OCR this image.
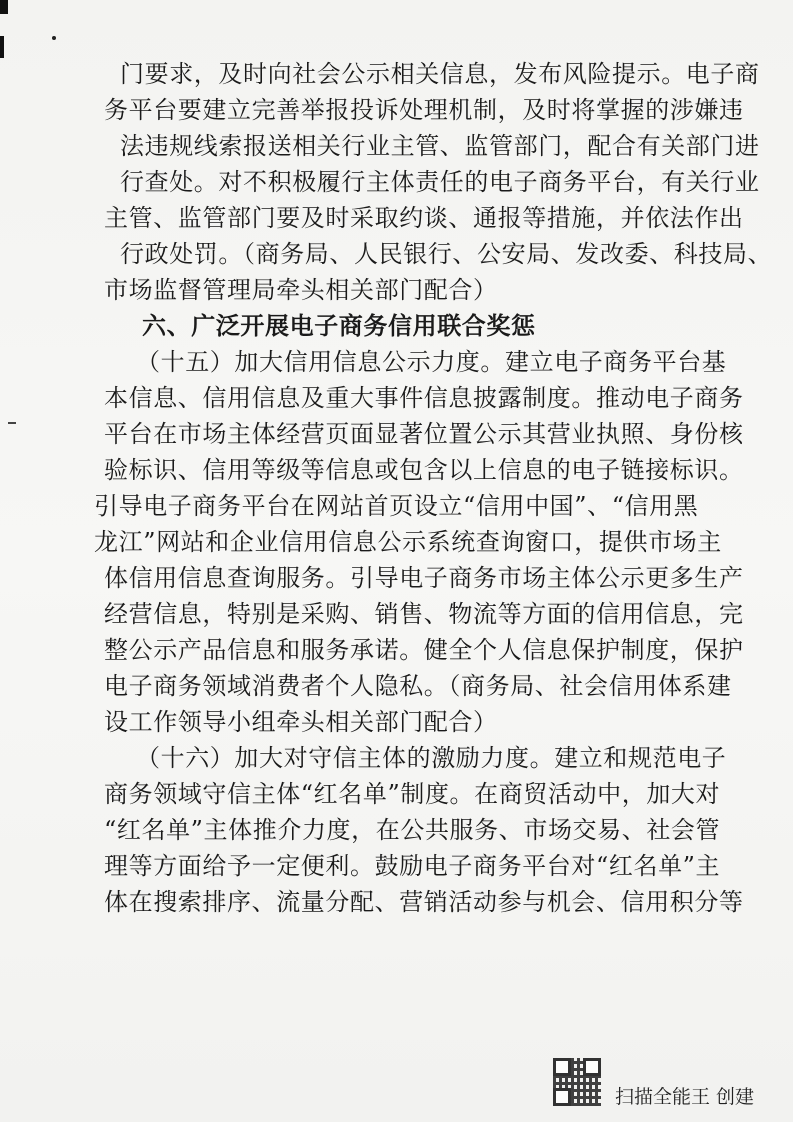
门要求，及时向社会公示相关信息，发布风险提示。电子商
务平台要建立完善举报投诉处理机制，及时将掌握的涉嫌违
法违规线索报送相关行业主管、监管部门，配合有关部门进
行查处。对不积极履行主体责任的电子商务平台，有关行业
主管、监管部门要及时采取约谈、通报等措施，并依法作出
行政处罚。（商务局、人民银行、公安局、发改委、科技局、
市场监督管理局牵头相关部门配合）
六、广泛开展电子商务信用联合奖惩
（十五）加大信用信息公示力度。建立电子商务平台基
本信息、信用信息及重大事件信息披露制度。推动电子商务
平台在市场主体经营页面显著位置公示其营业执照、身份核
验标识、信用等级等信息或包含以上信息的电子链接标识。
引导电子商务平台在网站首页设立“信用中国”、“信用黑
龙江”网站和企业信用信息公示系统查询窗口，提供市场主
体信用信息查询服务。引导电子商务市场主体公示更多生产
经营信息，特别是采购、销售、物流等方面的信用信息，完
整公示产品信息和服务承诺。健全个人信息保护制度，保护
电子商务领域消费者个人隐私。（商务局、社会信用体系建
设工作领导小组牵头相关部门配合）
（十六）加大对守信主体的激励力度。建立和规范电子
商务领域守信主体“红名单”制度。在商贸活动中，加大对
“红名单”主体推介力度，在公共服务、市场交易、社会管
理等方面给予一定便利。鼓励电子商务平台对“红名单”主
体在搜索排序、流量分配、营销活动参与机会、信用积分等
扫描全能王 创建
